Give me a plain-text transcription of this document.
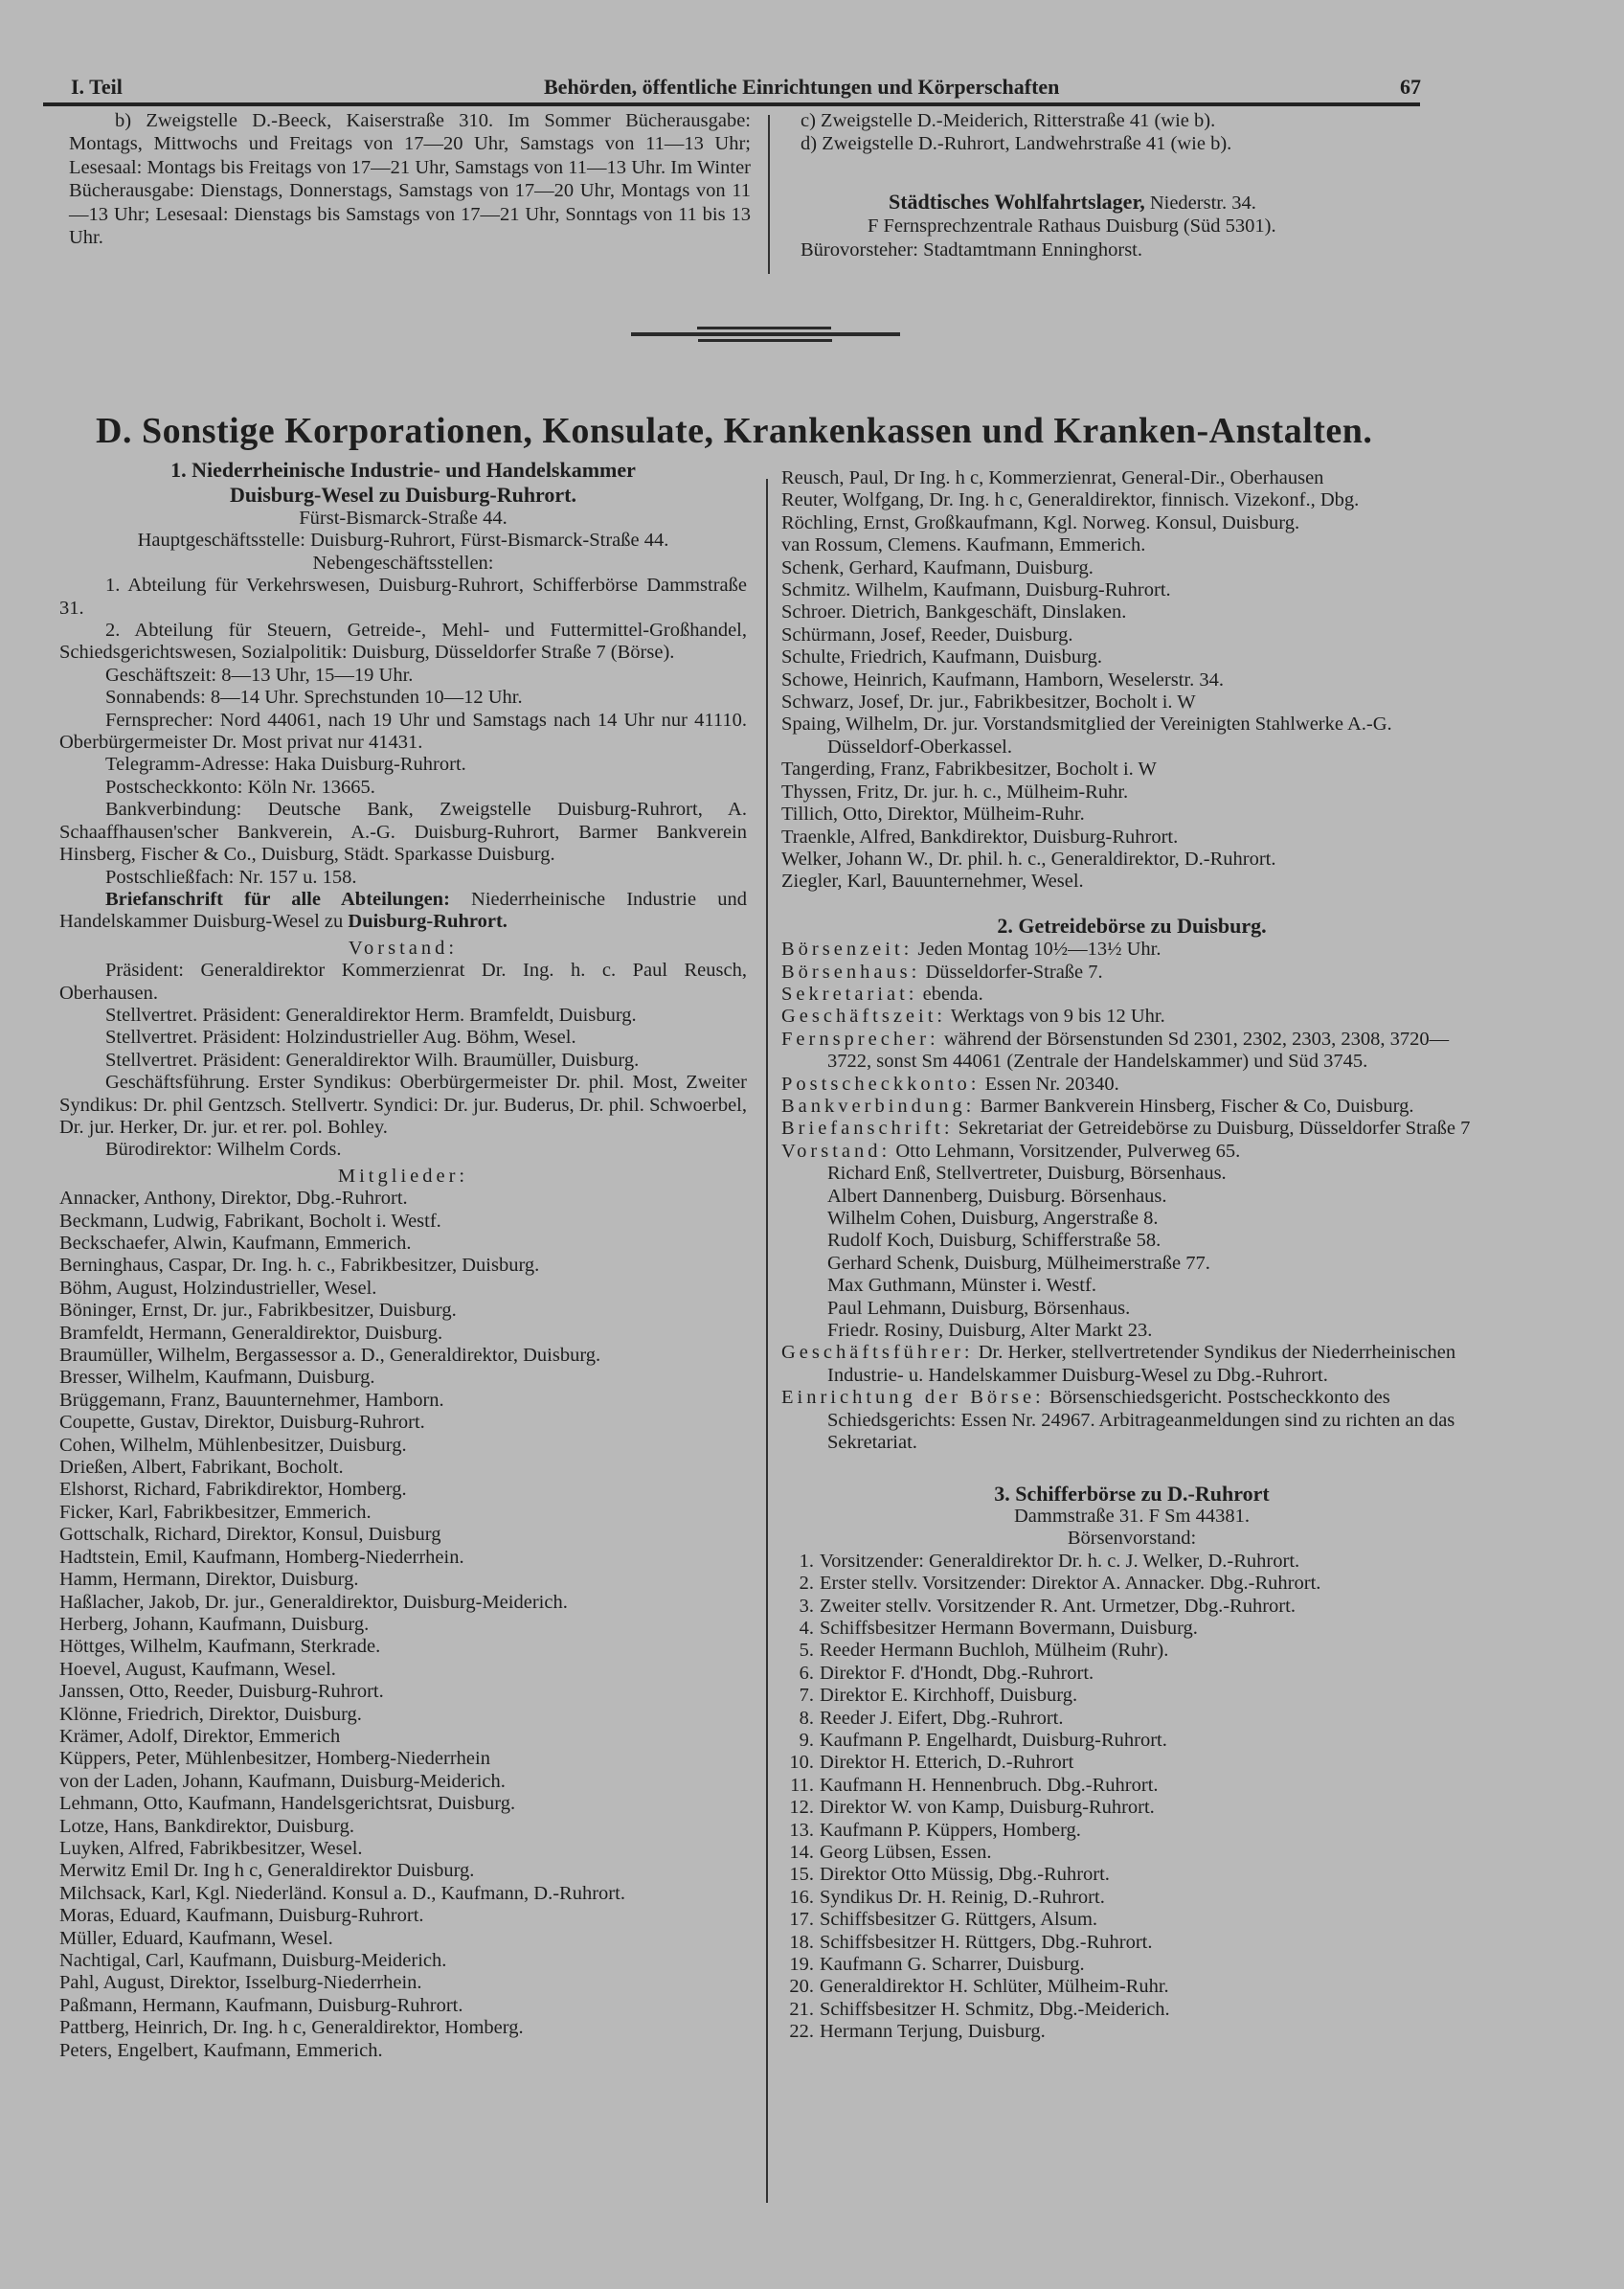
I. Teil	Behörden, öffentliche Einrichtungen und Körperschaften	67

b) Zweigstelle D.-Beeck, Kaiserstraße 310. Im Sommer Bücherausgabe: Montags, Mittwochs und Freitags von 17—20 Uhr, Samstags von 11—13 Uhr; Lesesaal: Montags bis Freitags von 17—21 Uhr, Samstags von 11—13 Uhr. Im Winter Bücherausgabe: Dienstags, Donnerstags, Samstags von 17—20 Uhr, Montags von 11—13 Uhr; Lesesaal: Dienstags bis Samstags von 17—21 Uhr, Sonntags von 11 bis 13 Uhr.

c) Zweigstelle D.-Meiderich, Ritterstraße 41 (wie b).

d) Zweigstelle D.-Ruhrort, Landwehrstraße 41 (wie b).

Städtisches Wohlfahrtslager, Niederstr. 34.

F Fernsprechzentrale Rathaus Duisburg (Süd 5301).

Bürovorsteher: Stadtamtmann Enninghorst.

D. Sonstige Korporationen, Konsulate, Krankenkassen und Kranken-Anstalten.

1. Niederrheinische Industrie- und Handelskammer

Duisburg-Wesel zu Duisburg-Ruhrort.

Fürst-Bismarck-Straße 44.

Hauptgeschäftsstelle: Duisburg-Ruhrort, Fürst-Bismarck-Straße 44.

Nebengeschäftsstellen:

1. Abteilung für Verkehrswesen, Duisburg-Ruhrort, Schifferbörse Dammstraße 31.

2. Abteilung für Steuern, Getreide-, Mehl- und Futtermittel-Großhandel, Schiedsgerichtswesen, Sozialpolitik: Duisburg, Düsseldorfer Straße 7 (Börse).

Geschäftszeit: 8—13 Uhr, 15—19 Uhr.

Sonnabends: 8—14 Uhr. Sprechstunden 10—12 Uhr.

Fernsprecher: Nord 44061, nach 19 Uhr und Samstags nach 14 Uhr nur 41110. Oberbürgermeister Dr. Most privat nur 41431.

Telegramm-Adresse: Haka Duisburg-Ruhrort.

Postscheckkonto: Köln Nr. 13665.

Bankverbindung: Deutsche Bank, Zweigstelle Duisburg-Ruhrort, A. Schaaffhausen'scher Bankverein, A.-G. Duisburg-Ruhrort, Barmer Bankverein Hinsberg, Fischer & Co., Duisburg, Städt. Sparkasse Duisburg.

Postschließfach: Nr. 157 u. 158.

Briefanschrift für alle Abteilungen: Niederrheinische Industrie und Handelskammer Duisburg-Wesel zu Duisburg-Ruhrort.

Vorstand:

Präsident: Generaldirektor Kommerzienrat Dr. Ing. h. c. Paul Reusch, Oberhausen.

Stellvertret. Präsident: Generaldirektor Herm. Bramfeldt, Duisburg.

Stellvertret. Präsident: Holzindustrieller Aug. Böhm, Wesel.

Stellvertret. Präsident: Generaldirektor Wilh. Braumüller, Duisburg.

Geschäftsführung. Erster Syndikus: Oberbürgermeister Dr. phil. Most, Zweiter Syndikus: Dr. phil Gentzsch. Stellvertr. Syndici: Dr. jur. Buderus, Dr. phil. Schwoerbel, Dr. jur. Herker, Dr. jur. et rer. pol. Bohley.

Bürodirektor: Wilhelm Cords.

Mitglieder:

Annacker, Anthony, Direktor, Dbg.-Ruhrort.

Beckmann, Ludwig, Fabrikant, Bocholt i. Westf.

Beckschaefer, Alwin, Kaufmann, Emmerich.

Berninghaus, Caspar, Dr. Ing. h. c., Fabrikbesitzer, Duisburg.

Böhm, August, Holzindustrieller, Wesel.

Böninger, Ernst, Dr. jur., Fabrikbesitzer, Duisburg.

Bramfeldt, Hermann, Generaldirektor, Duisburg.

Braumüller, Wilhelm, Bergassessor a. D., Generaldirektor, Duisburg.

Bresser, Wilhelm, Kaufmann, Duisburg.

Brüggemann, Franz, Bauunternehmer, Hamborn.

Coupette, Gustav, Direktor, Duisburg-Ruhrort.

Cohen, Wilhelm, Mühlenbesitzer, Duisburg.

Drießen, Albert, Fabrikant, Bocholt.

Elshorst, Richard, Fabrikdirektor, Homberg.

Ficker, Karl, Fabrikbesitzer, Emmerich.

Gottschalk, Richard, Direktor, Konsul, Duisburg

Hadtstein, Emil, Kaufmann, Homberg-Niederrhein.

Hamm, Hermann, Direktor, Duisburg.

Haßlacher, Jakob, Dr. jur., Generaldirektor, Duisburg-Meiderich.

Herberg, Johann, Kaufmann, Duisburg.

Höttges, Wilhelm, Kaufmann, Sterkrade.

Hoevel, August, Kaufmann, Wesel.

Janssen, Otto, Reeder, Duisburg-Ruhrort.

Klönne, Friedrich, Direktor, Duisburg.

Krämer, Adolf, Direktor, Emmerich

Küppers, Peter, Mühlenbesitzer, Homberg-Niederrhein

von der Laden, Johann, Kaufmann, Duisburg-Meiderich.

Lehmann, Otto, Kaufmann, Handelsgerichtsrat, Duisburg.

Lotze, Hans, Bankdirektor, Duisburg.

Luyken, Alfred, Fabrikbesitzer, Wesel.

Merwitz Emil Dr. Ing h c, Generaldirektor Duisburg.

Milchsack, Karl, Kgl. Niederländ. Konsul a. D., Kaufmann, D.-Ruhrort.

Moras, Eduard, Kaufmann, Duisburg-Ruhrort.

Müller, Eduard, Kaufmann, Wesel.

Nachtigal, Carl, Kaufmann, Duisburg-Meiderich.

Pahl, August, Direktor, Isselburg-Niederrhein.

Paßmann, Hermann, Kaufmann, Duisburg-Ruhrort.

Pattberg, Heinrich, Dr. Ing. h c, Generaldirektor, Homberg.

Peters, Engelbert, Kaufmann, Emmerich.

Reusch, Paul, Dr Ing. h c, Kommerzienrat, General-Dir., Oberhausen

Reuter, Wolfgang, Dr. Ing. h c, Generaldirektor, finnisch. Vizekonf., Dbg.

Röchling, Ernst, Großkaufmann, Kgl. Norweg. Konsul, Duisburg.

van Rossum, Clemens. Kaufmann, Emmerich.

Schenk, Gerhard, Kaufmann, Duisburg.

Schmitz. Wilhelm, Kaufmann, Duisburg-Ruhrort.

Schroer. Dietrich, Bankgeschäft, Dinslaken.

Schürmann, Josef, Reeder, Duisburg.

Schulte, Friedrich, Kaufmann, Duisburg.

Schowe, Heinrich, Kaufmann, Hamborn, Weselerstr. 34.

Schwarz, Josef, Dr. jur., Fabrikbesitzer, Bocholt i. W

Spaing, Wilhelm, Dr. jur. Vorstandsmitglied der Vereinigten Stahlwerke A.-G. Düsseldorf-Oberkassel.

Tangerding, Franz, Fabrikbesitzer, Bocholt i. W

Thyssen, Fritz, Dr. jur. h. c., Mülheim-Ruhr.

Tillich, Otto, Direktor, Mülheim-Ruhr.

Traenkle, Alfred, Bankdirektor, Duisburg-Ruhrort.

Welker, Johann W., Dr. phil. h. c., Generaldirektor, D.-Ruhrort.

Ziegler, Karl, Bauunternehmer, Wesel.

2. Getreidebörse zu Duisburg.

Börsenzeit: Jeden Montag 10½—13½ Uhr.

Börsenhaus: Düsseldorfer-Straße 7.

Sekretariat: ebenda.

Geschäftszeit: Werktags von 9 bis 12 Uhr.

Fernsprecher: während der Börsenstunden Sd 2301, 2302, 2303, 2308, 3720—3722, sonst Sm 44061 (Zentrale der Handelskammer) und Süd 3745.

Postscheckkonto: Essen Nr. 20340.

Bankverbindung: Barmer Bankverein Hinsberg, Fischer & Co, Duisburg.

Briefanschrift: Sekretariat der Getreidebörse zu Duisburg, Düsseldorfer Straße 7

Vorstand: Otto Lehmann, Vorsitzender, Pulverweg 65.

Richard Enß, Stellvertreter, Duisburg, Börsenhaus.

Albert Dannenberg, Duisburg. Börsenhaus.

Wilhelm Cohen, Duisburg, Angerstraße 8.

Rudolf Koch, Duisburg, Schifferstraße 58.

Gerhard Schenk, Duisburg, Mülheimerstraße 77.

Max Guthmann, Münster i. Westf.

Paul Lehmann, Duisburg, Börsenhaus.

Friedr. Rosiny, Duisburg, Alter Markt 23.

Geschäftsführer: Dr. Herker, stellvertretender Syndikus der Niederrheinischen Industrie- u. Handelskammer Duisburg-Wesel zu Dbg.-Ruhrort.

Einrichtung der Börse: Börsenschiedsgericht. Postscheckkonto des Schiedsgerichts: Essen Nr. 24967. Arbitrageanmeldungen sind zu richten an das Sekretariat.

3. Schifferbörse zu D.-Ruhrort

Dammstraße 31. F Sm 44381.

Börsenvorstand:

1. Vorsitzender: Generaldirektor Dr. h. c. J. Welker, D.-Ruhrort.

2. Erster stellv. Vorsitzender: Direktor A. Annacker. Dbg.-Ruhrort.

3. Zweiter stellv. Vorsitzender R. Ant. Urmetzer, Dbg.-Ruhrort.

4. Schiffsbesitzer Hermann Bovermann, Duisburg.

5. Reeder Hermann Buchloh, Mülheim (Ruhr).

6. Direktor F. d'Hondt, Dbg.-Ruhrort.

7. Direktor E. Kirchhoff, Duisburg.

8. Reeder J. Eifert, Dbg.-Ruhrort.

9. Kaufmann P. Engelhardt, Duisburg-Ruhrort.

10. Direktor H. Etterich, D.-Ruhrort

11. Kaufmann H. Hennenbruch. Dbg.-Ruhrort.

12. Direktor W. von Kamp, Duisburg-Ruhrort.

13. Kaufmann P. Küppers, Homberg.

14. Georg Lübsen, Essen.

15. Direktor Otto Müssig, Dbg.-Ruhrort.

16. Syndikus Dr. H. Reinig, D.-Ruhrort.

17. Schiffsbesitzer G. Rüttgers, Alsum.

18. Schiffsbesitzer H. Rüttgers, Dbg.-Ruhrort.

19. Kaufmann G. Scharrer, Duisburg.

20. Generaldirektor H. Schlüter, Mülheim-Ruhr.

21. Schiffsbesitzer H. Schmitz, Dbg.-Meiderich.

22. Hermann Terjung, Duisburg.
